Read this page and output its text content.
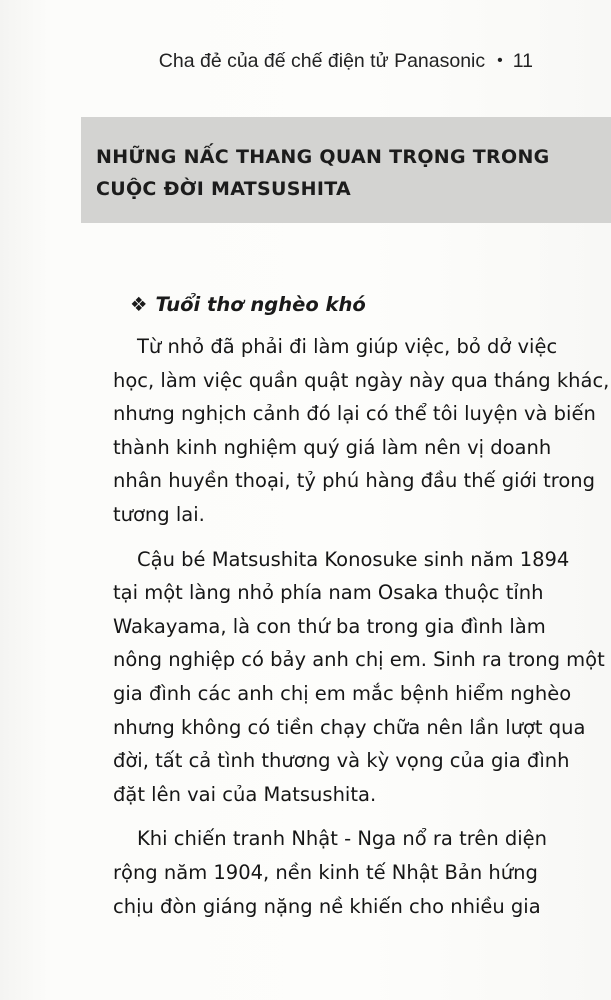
Cha đẻ của đế chế điện tử Panasonic • 11
NHỮNG NẤC THANG QUAN TRỌNG TRONG
CUỘC ĐỜI MATSUSHITA
❖ Tuổi thơ nghèo khó
Từ nhỏ đã phải đi làm giúp việc, bỏ dở việc
học, làm việc quần quật ngày này qua tháng khác,
nhưng nghịch cảnh đó lại có thể tôi luyện và biến
thành kinh nghiệm quý giá làm nên vị doanh
nhân huyền thoại, tỷ phú hàng đầu thế giới trong
tương lai.
Cậu bé Matsushita Konosuke sinh năm 1894
tại một làng nhỏ phía nam Osaka thuộc tỉnh
Wakayama, là con thứ ba trong gia đình làm
nông nghiệp có bảy anh chị em. Sinh ra trong một
gia đình các anh chị em mắc bệnh hiểm nghèo
nhưng không có tiền chạy chữa nên lần lượt qua
đời, tất cả tình thương và kỳ vọng của gia đình
đặt lên vai của Matsushita.
Khi chiến tranh Nhật - Nga nổ ra trên diện
rộng năm 1904, nền kinh tế Nhật Bản hứng
chịu đòn giáng nặng nề khiến cho nhiều gia
